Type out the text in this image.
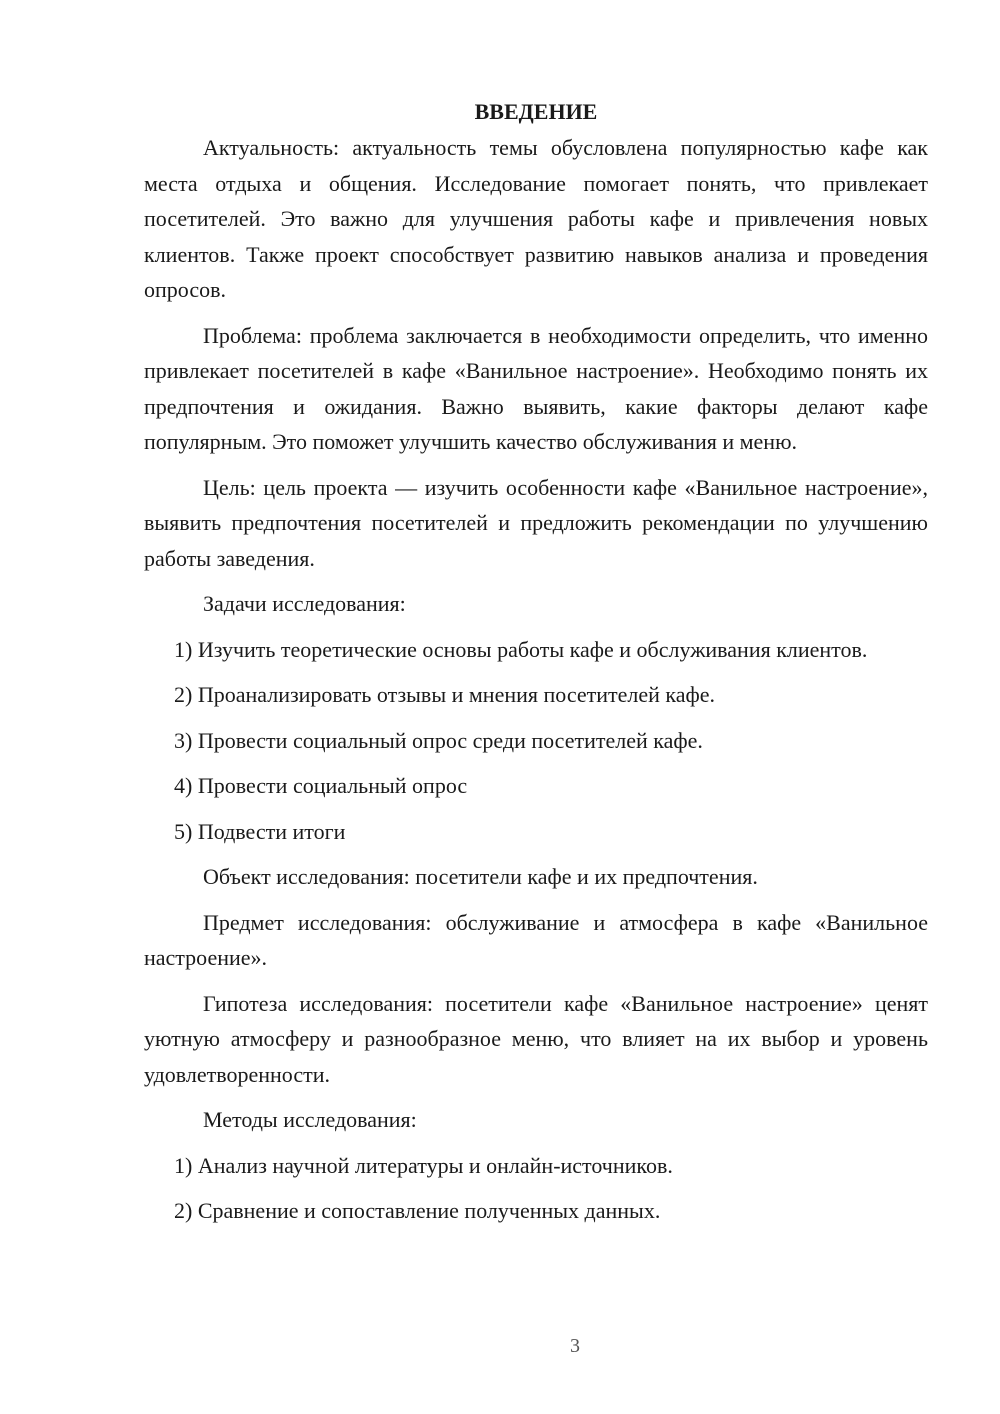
ВВЕДЕНИЕ
Актуальность: актуальность темы обусловлена популярностью кафе как места отдыха и общения. Исследование помогает понять, что привлекает посетителей. Это важно для улучшения работы кафе и привлечения новых клиентов. Также проект способствует развитию навыков анализа и проведения опросов.
Проблема: проблема заключается в необходимости определить, что именно привлекает посетителей в кафе «Ванильное настроение». Необходимо понять их предпочтения и ожидания. Важно выявить, какие факторы делают кафе популярным. Это поможет улучшить качество обслуживания и меню.
Цель: цель проекта — изучить особенности кафе «Ванильное настроение», выявить предпочтения посетителей и предложить рекомендации по улучшению работы заведения.
Задачи исследования:
1) Изучить теоретические основы работы кафе и обслуживания клиентов.
2) Проанализировать отзывы и мнения посетителей кафе.
3) Провести социальный опрос среди посетителей кафе.
4) Провести социальный опрос
5) Подвести итоги
Объект исследования: посетители кафе и их предпочтения.
Предмет исследования: обслуживание и атмосфера в кафе «Ванильное настроение».
Гипотеза исследования: посетители кафе «Ванильное настроение» ценят уютную атмосферу и разнообразное меню, что влияет на их выбор и уровень удовлетворенности.
Методы исследования:
1) Анализ научной литературы и онлайн-источников.
2) Сравнение и сопоставление полученных данных.
3
